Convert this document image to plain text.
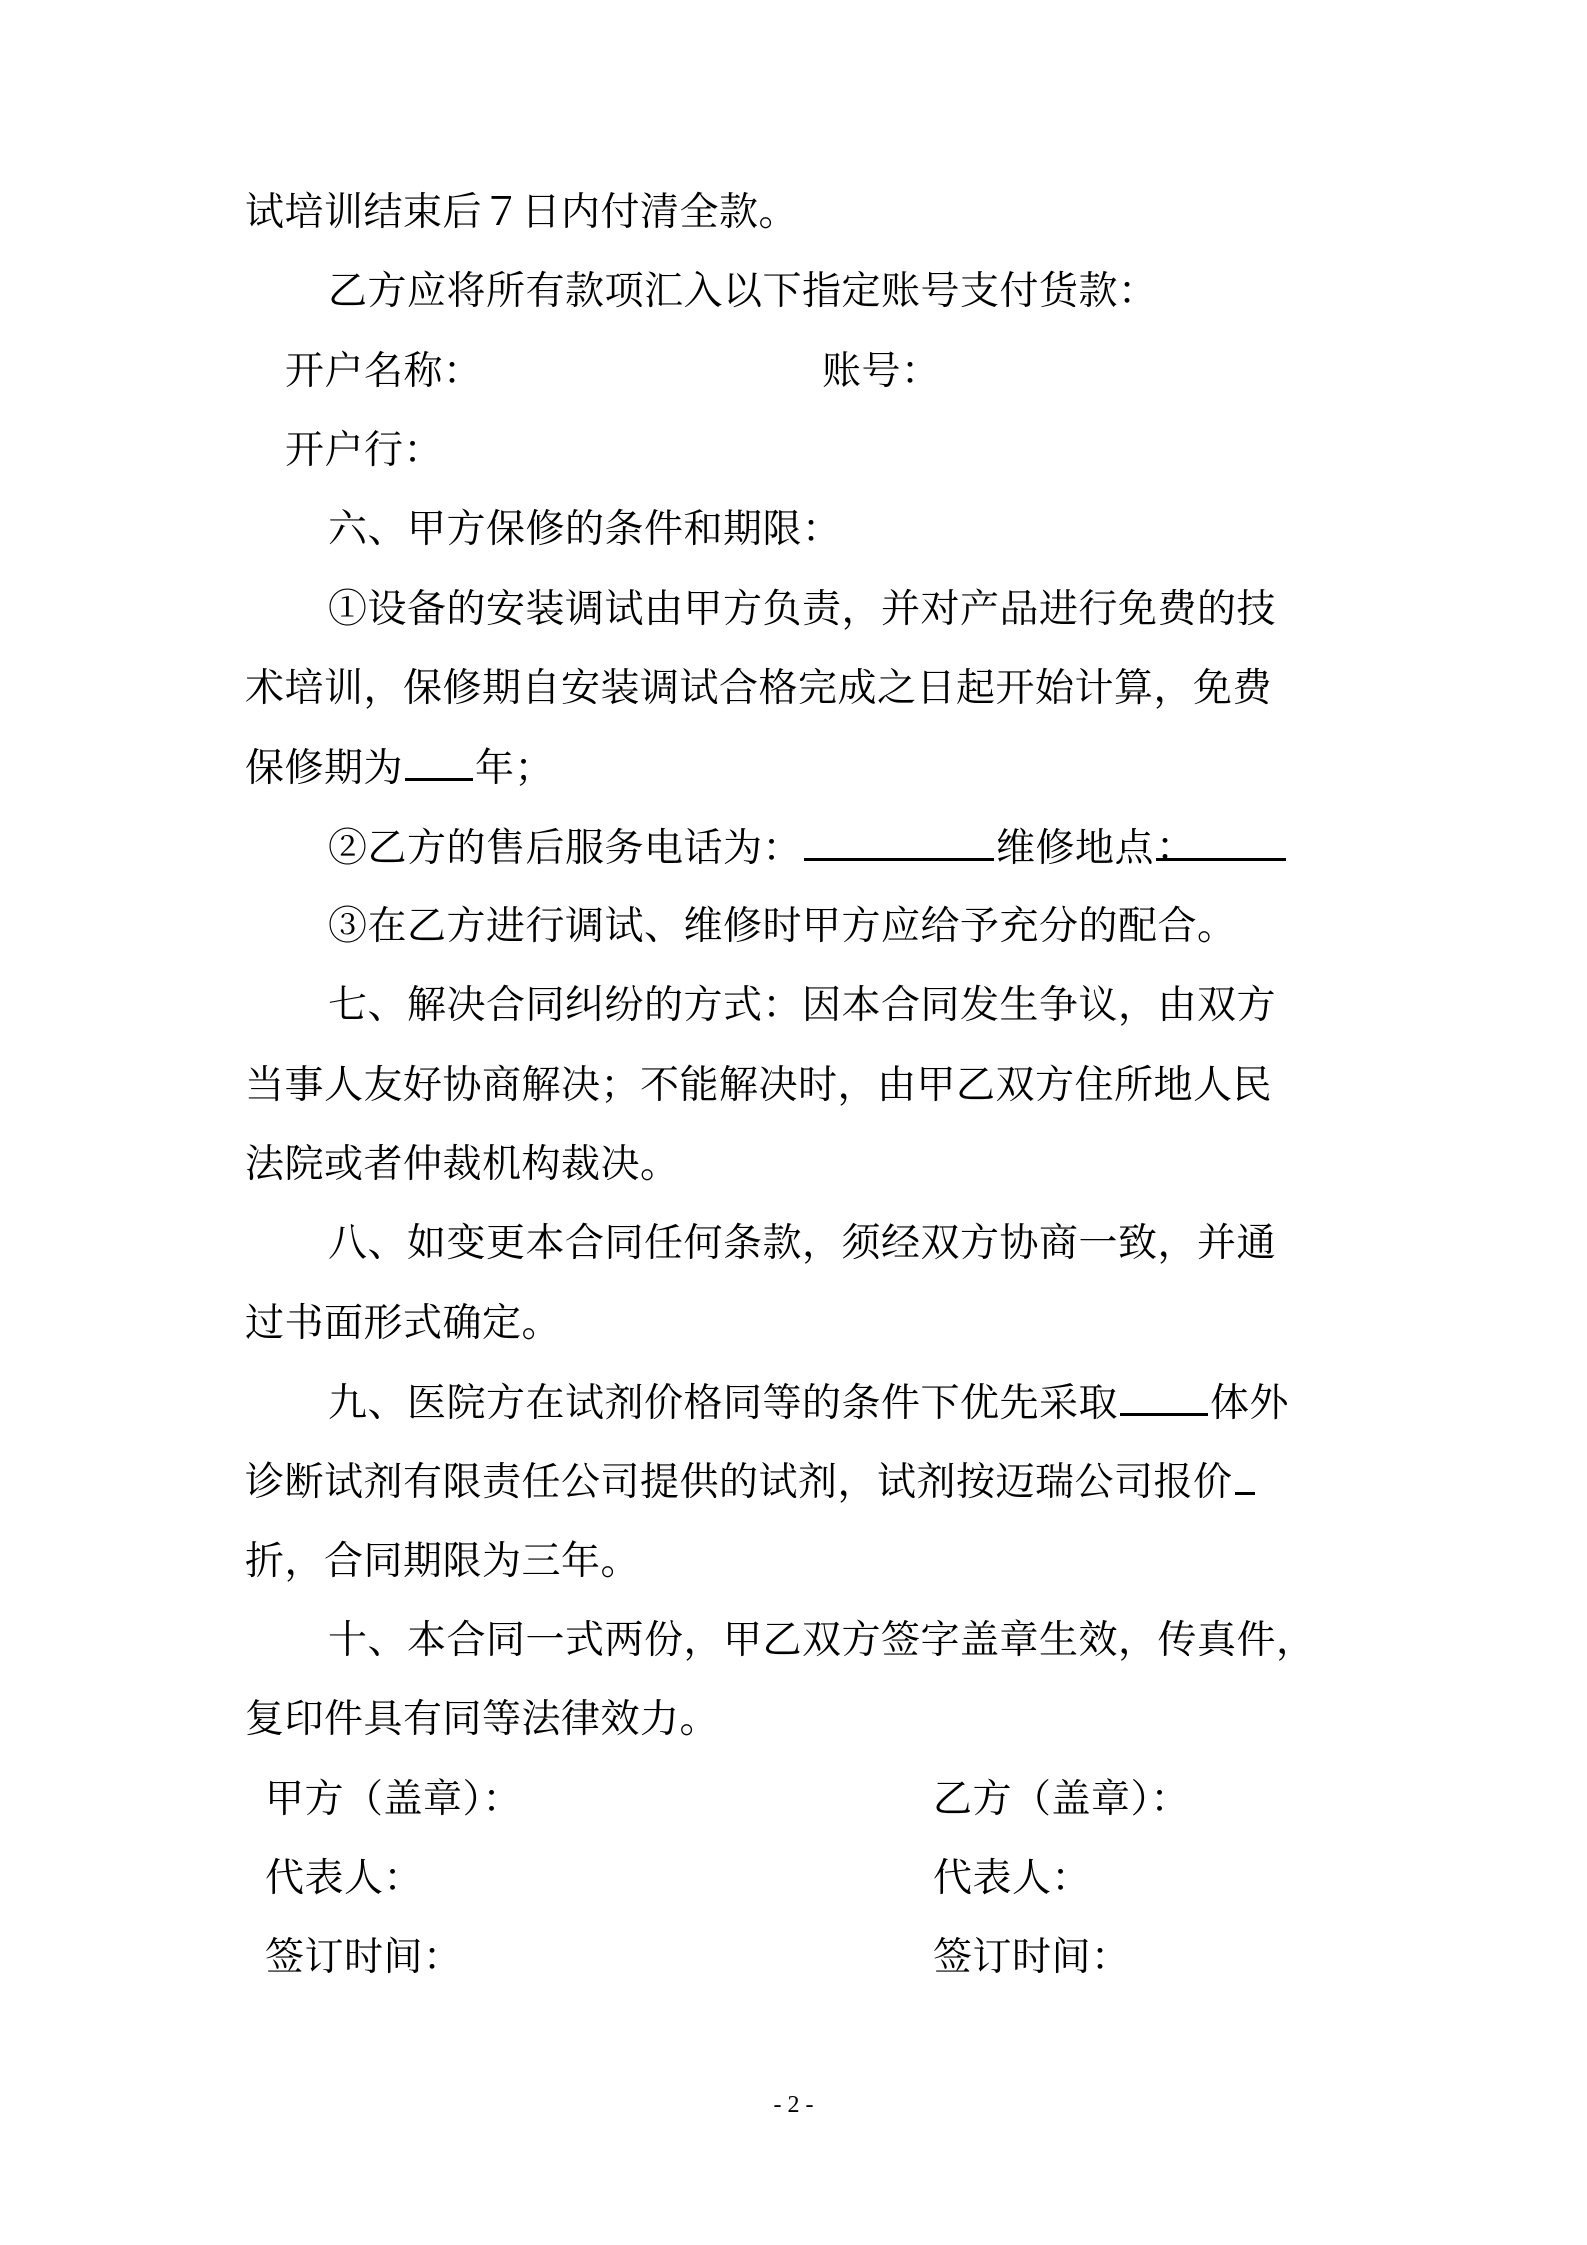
试培训结束后７日内付清全款。
乙方应将所有款项汇入以下指定账号支付货款：
开户名称：	账号：
开户行：
六、甲方保修的条件和期限：
①设备的安装调试由甲方负责，并对产品进行免费的技
术培训，保修期自安装调试合格完成之日起开始计算，免费
保修期为 年；
②乙方的售后服务电话为：	维修地点 ：
③在乙方进行调试、维修时甲方应给予充分的配合。
七、解决合同纠纷的方式：因本合同发生争议，由双方
当事人友好协商解决；不能解决时，由甲乙双方住所地人民
法院或者仲裁机构裁决。
八、如变更本合同任何条款，须经双方协商一致，并通
过书面形式确定。
九、医院方在试剂价格同等的条件下优先采取 体外
诊断试剂有限责任公司提供的试剂，试剂按迈瑞公司报价
折，合同期限为三年。
十、本合同一式两份，甲乙双方签字盖章生效，传真件，
复印件具有同等法律效力。
甲方（盖章）：	乙方（盖章）：
代表人：	代表人：
签订时间：	签订时间：
- 2 -
